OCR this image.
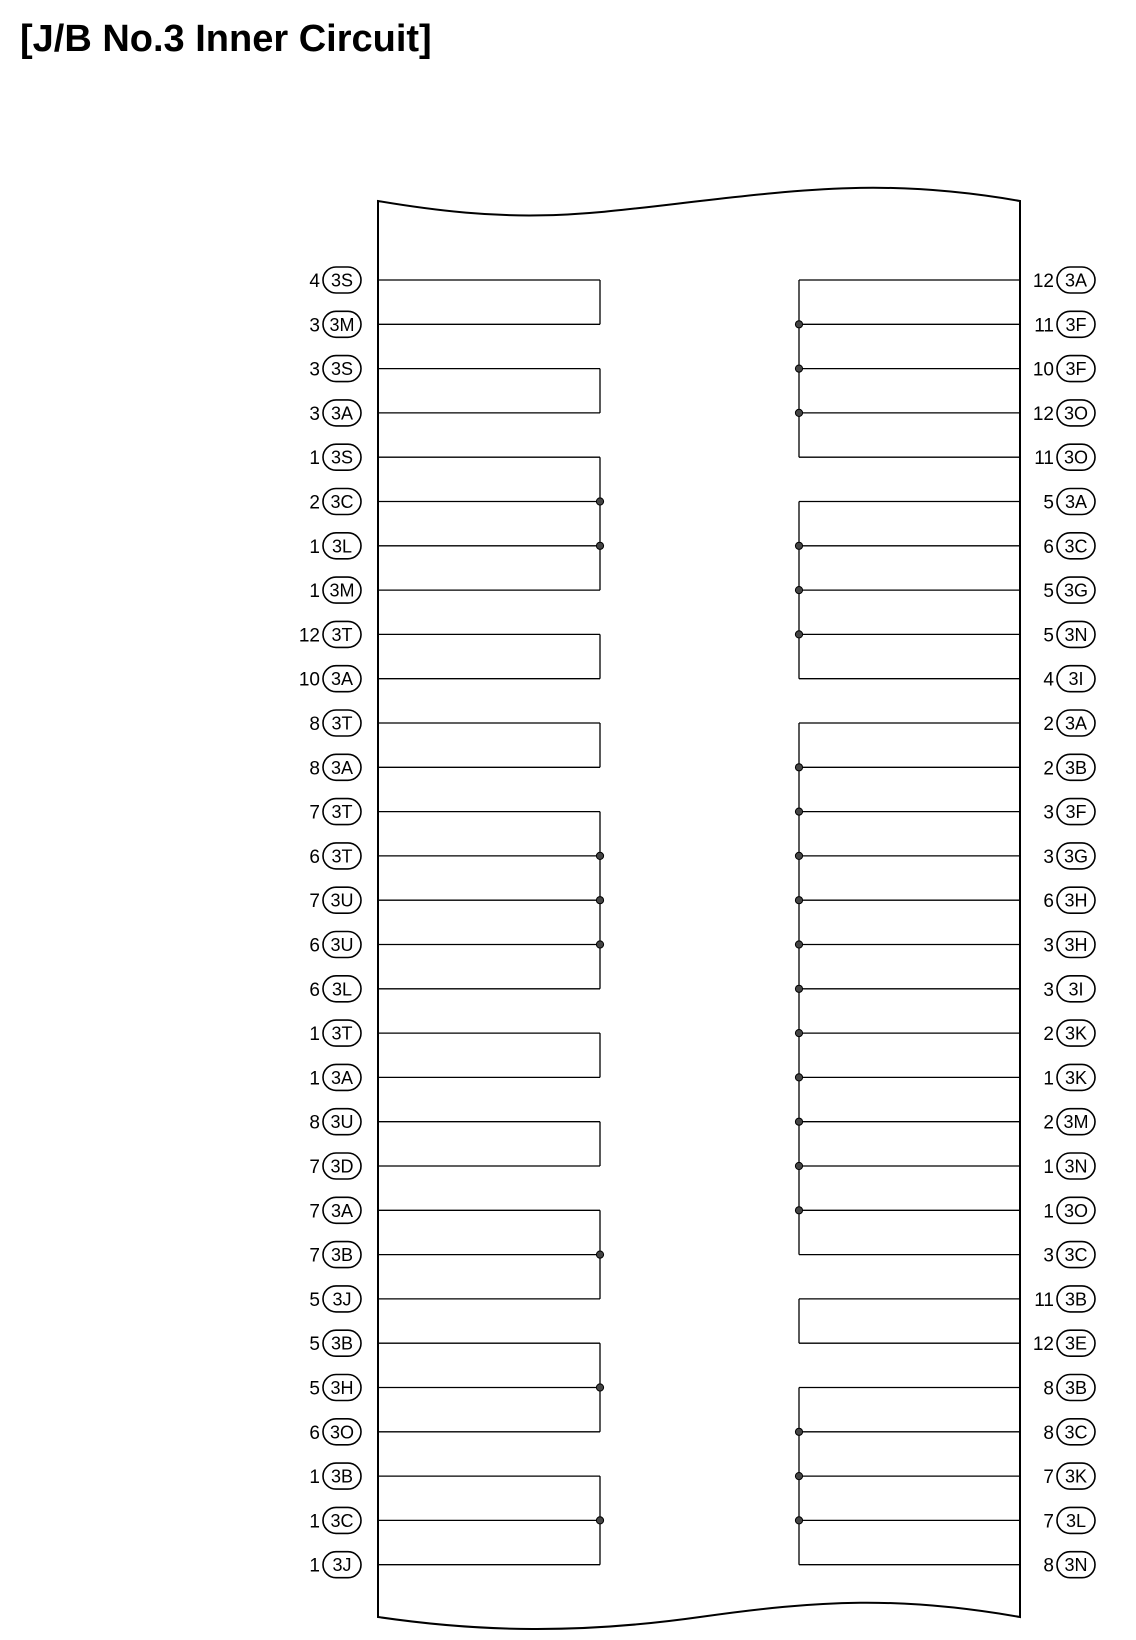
[J/B No.3 Inner Circuit]
3S
4
3M
3
3S
3
3A
3
3S
1
3C
2
3L
1
3M
1
3T
12
3A
10
3T
8
3A
8
3T
7
3T
6
3U
7
3U
6
3L
6
3T
1
3A
1
3U
8
3D
7
3A
7
3B
7
3J
5
3B
5
3H
5
3O
6
3B
1
3C
1
3J
1
3A
12
3F
11
3F
10
3O
12
3O
11
3A
5
3C
6
3G
5
3N
5
3I
4
3A
2
3B
2
3F
3
3G
3
3H
6
3H
3
3I
3
3K
2
3K
1
3M
2
3N
1
3O
1
3C
3
3B
11
3E
12
3B
8
3C
8
3K
7
3L
7
3N
8
